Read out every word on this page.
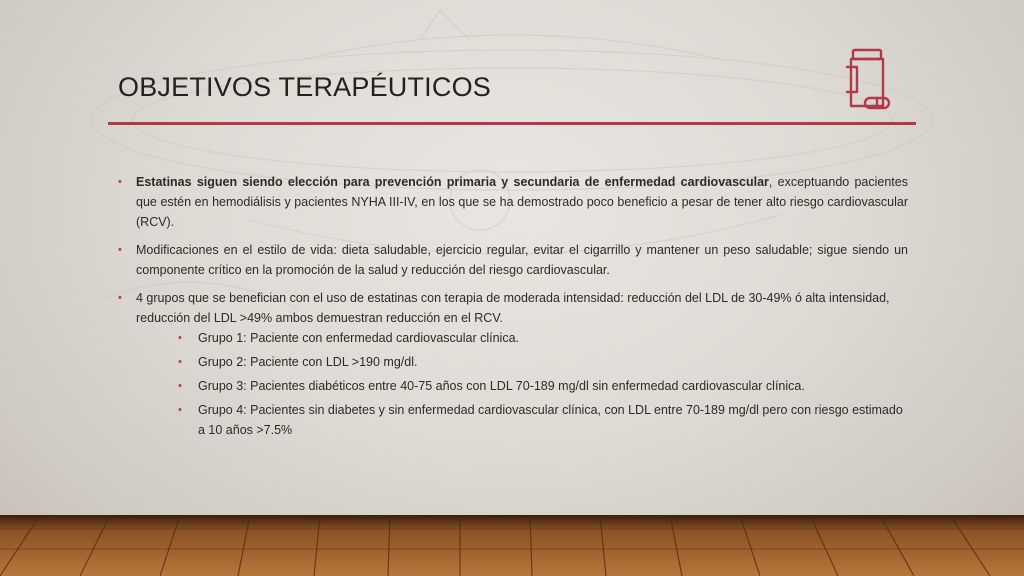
OBJETIVOS TERAPÉUTICOS
• Estatinas siguen siendo elección para prevención primaria y secundaria de enfermedad cardiovascular, exceptuando pacientes que estén en hemodiálisis y pacientes NYHA III-IV, en los que se ha demostrado poco beneficio a pesar de tener alto riesgo cardiovascular (RCV).
• Modificaciones en el estilo de vida: dieta saludable, ejercicio regular, evitar el cigarrillo y mantener un peso saludable; sigue siendo un componente crítico en la promoción de la salud y reducción del riesgo cardiovascular.
• 4 grupos que se benefician con el uso de estatinas con terapia de moderada intensidad: reducción del LDL de 30-49% ó alta intensidad, reducción del LDL >49% ambos demuestran reducción en el RCV.
• Grupo 1: Paciente con enfermedad cardiovascular clínica.
• Grupo 2: Paciente con LDL >190 mg/dl.
• Grupo 3: Pacientes diabéticos entre 40-75 años con LDL 70-189 mg/dl sin enfermedad cardiovascular clínica.
• Grupo 4: Pacientes sin diabetes y sin enfermedad cardiovascular clínica, con LDL entre 70-189 mg/dl pero con riesgo estimado a 10 años >7.5%
